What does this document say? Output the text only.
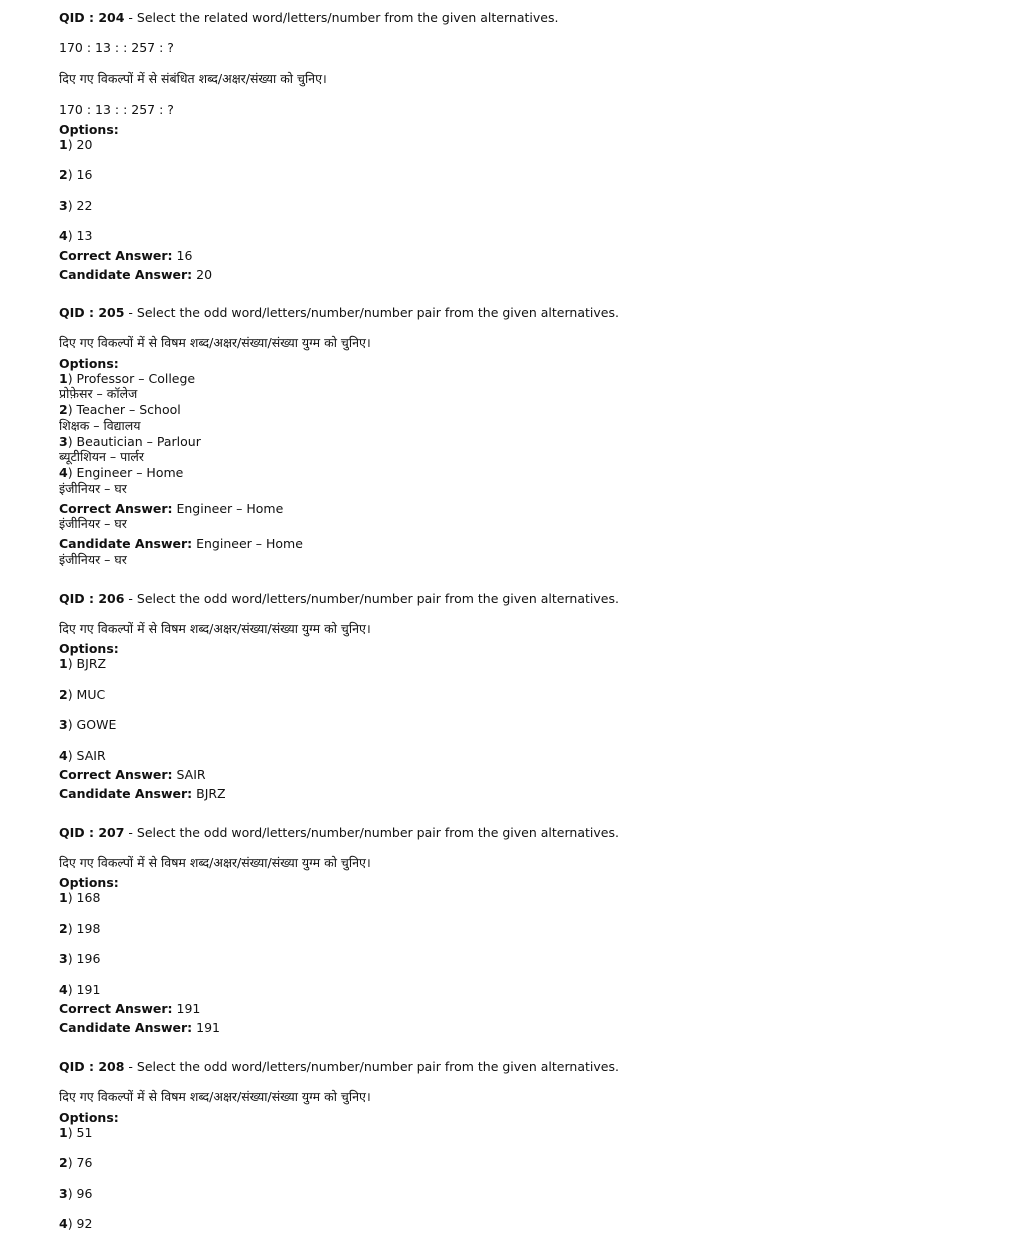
QID : 204 - Select the related word/letters/number from the given alternatives.
170 : 13 : : 257 : ?
दिए गए विकल्पों में से संबंधित शब्द/अक्षर/संख्या को चुनिए।
170 : 13 : : 257 : ?
Options:
1) 20
2) 16
3) 22
4) 13
Correct Answer: 16
Candidate Answer: 20
QID : 205 - Select the odd word/letters/number/number pair from the given alternatives.
दिए गए विकल्पों में से विषम शब्द/अक्षर/संख्या/संख्या युग्म को चुनिए।
Options:
1) Professor – College
प्रोफ़ेसर – कॉलेज
2) Teacher – School
शिक्षक – विद्यालय
3) Beautician – Parlour
ब्यूटीशियन – पार्लर
4) Engineer – Home
इंजीनियर – घर
Correct Answer: Engineer – Home
इंजीनियर – घर
Candidate Answer: Engineer – Home
इंजीनियर – घर
QID : 206 - Select the odd word/letters/number/number pair from the given alternatives.
दिए गए विकल्पों में से विषम शब्द/अक्षर/संख्या/संख्या युग्म को चुनिए।
Options:
1) BJRZ
2) MUC
3) GOWE
4) SAIR
Correct Answer: SAIR
Candidate Answer: BJRZ
QID : 207 - Select the odd word/letters/number/number pair from the given alternatives.
दिए गए विकल्पों में से विषम शब्द/अक्षर/संख्या/संख्या युग्म को चुनिए।
Options:
1) 168
2) 198
3) 196
4) 191
Correct Answer: 191
Candidate Answer: 191
QID : 208 - Select the odd word/letters/number/number pair from the given alternatives.
दिए गए विकल्पों में से विषम शब्द/अक्षर/संख्या/संख्या युग्म को चुनिए।
Options:
1) 51
2) 76
3) 96
4) 92
